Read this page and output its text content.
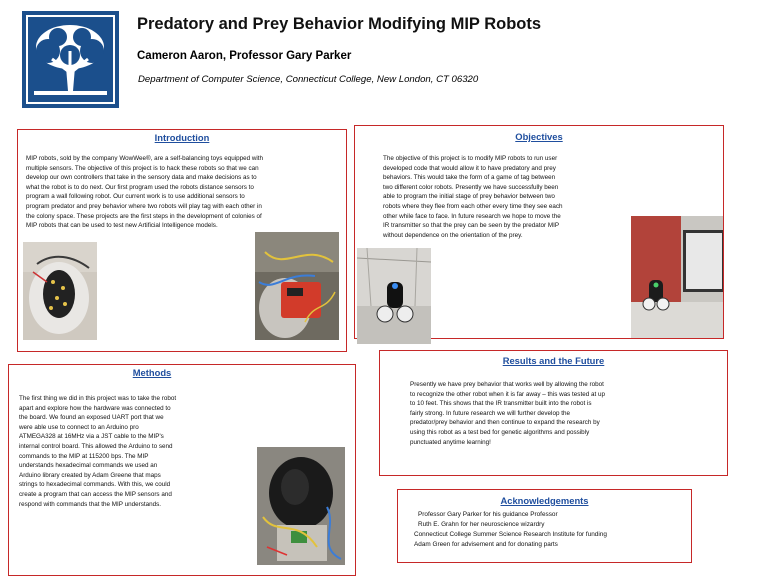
Predatory and Prey Behavior Modifying MIP Robots
Cameron Aaron, Professor Gary Parker
Department of Computer Science, Connecticut College, New London, CT 06320
Introduction
MIP robots, sold by the company WowWee®, are a self-balancing toys equipped with
multiple sensors. The objective of this project is to hack these robots so that we can
develop our own controllers that take in the sensory data and make decisions as to
what the robot is to do next. Our first program used the robots distance sensors to
program a wall following robot. Our current work is to use additional sensors to
program predator and prey behavior where two robots will play tag with each other in
the colony space. These projects are the first steps in the development of colonies of
MIP robots that can be used to test new Artificial Intelligence models.
Objectives
The objective of this project is to modify MIP robots to run user
developed code that would allow it to have predatory and prey
behaviors. This would take the form of a game of tag between
two different color robots. Presently we have successfully been
able to program the initial stage of prey behavior between two
robots where they flee from each other every time they see each
other while face to face. In future research we hope to move the
IR transmitter so that the prey can be seen by the predator MIP
without dependence on the orientation of the prey.
Methods
The first thing we did in this project was to take the robot
apart and explore how the hardware was connected to
the board. We found an exposed UART port that we
were able use to connect to an Arduino pro
ATMEGA328 at 16MHz via a JST cable to the MIP's
internal control board. This allowed the Arduino to send
commands to the MIP at 115200 bps. The MIP
understands hexadecimal commands we used an
Arduino library created by Adam Greene that maps
strings to hexadecimal commands. With this, we could
create a program that can access the MIP sensors and
respond with commands that the MIP understands.
Results and the Future
Presently we have prey behavior that works well by allowing the robot
to recognize the other robot when it is far away – this was tested at up
to 10 feet. This shows that the IR transmitter built into the robot is
fairly strong. In future research we will further develop the
predator/prey behavior and then continue to expand the research by
using this robot as a test bed for genetic algorithms and possibly
punctuated anytime learning!
Acknowledgements
Professor Gary Parker for his guidance Professor
Ruth E. Grahn for her neuroscience wizardry
Connecticut College Summer Science Research Institute for funding
Adam Green for advisement and for donating parts
